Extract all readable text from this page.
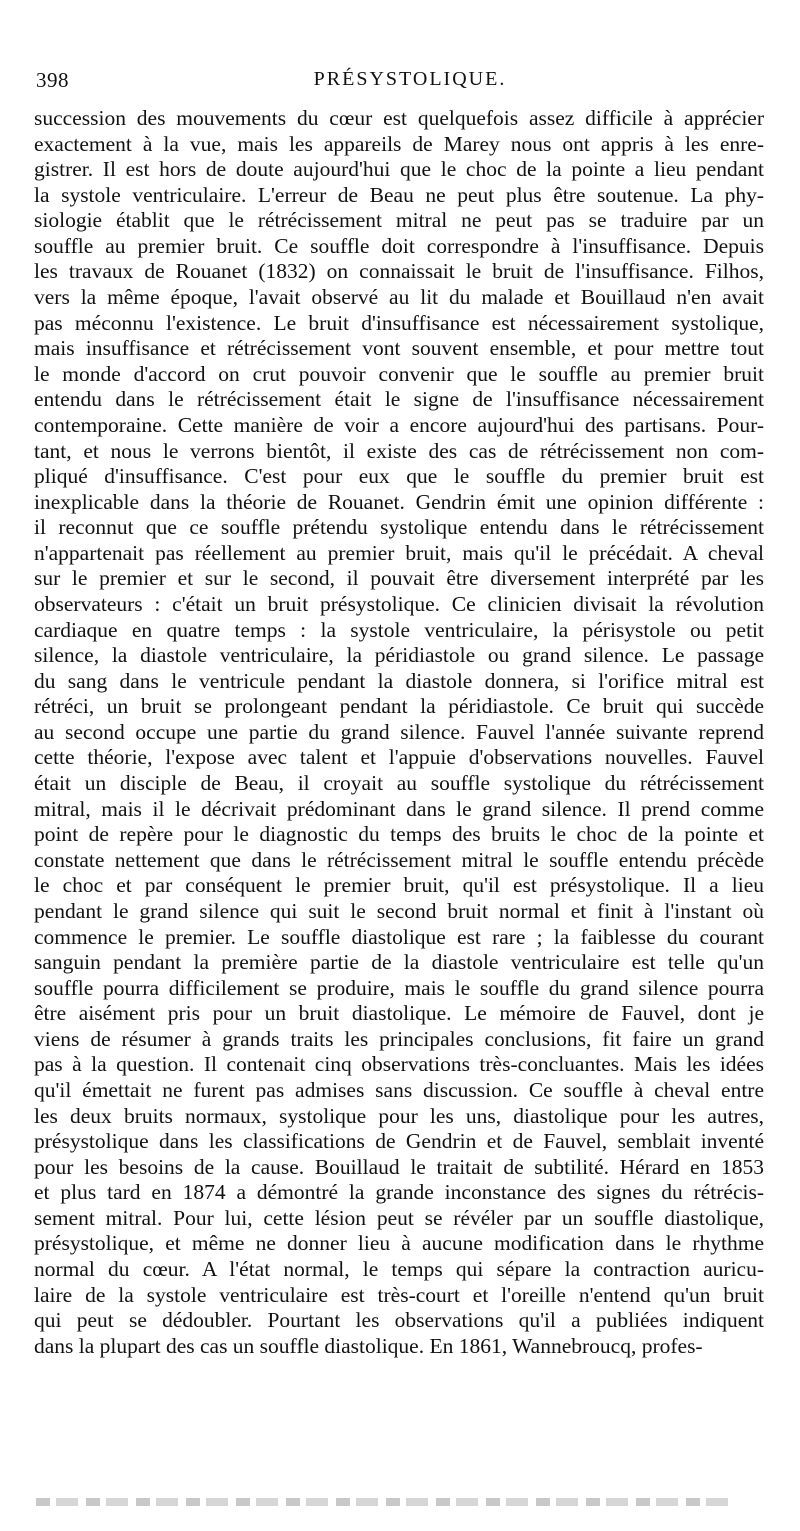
398	PRÉSYSTOLIQUE.
succession des mouvements du cœur est quelquefois assez difficile à apprécier
exactement à la vue, mais les appareils de Marey nous ont appris à les enre-
gistrer. Il est hors de doute aujourd'hui que le choc de la pointe a lieu pendant
la systole ventriculaire. L'erreur de Beau ne peut plus être soutenue. La phy-
siologie établit que le rétrécissement mitral ne peut pas se traduire par un
souffle au premier bruit. Ce souffle doit correspondre à l'insuffisance. Depuis
les travaux de Rouanet (1832) on connaissait le bruit de l'insuffisance. Filhos,
vers la même époque, l'avait observé au lit du malade et Bouillaud n'en avait
pas méconnu l'existence. Le bruit d'insuffisance est nécessairement systolique,
mais insuffisance et rétrécissement vont souvent ensemble, et pour mettre tout
le monde d'accord on crut pouvoir convenir que le souffle au premier bruit
entendu dans le rétrécissement était le signe de l'insuffisance nécessairement
contemporaine. Cette manière de voir a encore aujourd'hui des partisans. Pour-
tant, et nous le verrons bientôt, il existe des cas de rétrécissement non com-
pliqué d'insuffisance. C'est pour eux que le souffle du premier bruit est
inexplicable dans la théorie de Rouanet. Gendrin émit une opinion différente :
il reconnut que ce souffle prétendu systolique entendu dans le rétrécissement
n'appartenait pas réellement au premier bruit, mais qu'il le précédait. A cheval
sur le premier et sur le second, il pouvait être diversement interprété par les
observateurs : c'était un bruit présystolique. Ce clinicien divisait la révolution
cardiaque en quatre temps : la systole ventriculaire, la périsystole ou petit
silence, la diastole ventriculaire, la péridiastole ou grand silence. Le passage
du sang dans le ventricule pendant la diastole donnera, si l'orifice mitral est
rétréci, un bruit se prolongeant pendant la péridiastole. Ce bruit qui succède
au second occupe une partie du grand silence. Fauvel l'année suivante reprend
cette théorie, l'expose avec talent et l'appuie d'observations nouvelles. Fauvel
était un disciple de Beau, il croyait au souffle systolique du rétrécissement
mitral, mais il le décrivait prédominant dans le grand silence. Il prend comme
point de repère pour le diagnostic du temps des bruits le choc de la pointe et
constate nettement que dans le rétrécissement mitral le souffle entendu précède
le choc et par conséquent le premier bruit, qu'il est présystolique. Il a lieu
pendant le grand silence qui suit le second bruit normal et finit à l'instant où
commence le premier. Le souffle diastolique est rare ; la faiblesse du courant
sanguin pendant la première partie de la diastole ventriculaire est telle qu'un
souffle pourra difficilement se produire, mais le souffle du grand silence pourra
être aisément pris pour un bruit diastolique. Le mémoire de Fauvel, dont je
viens de résumer à grands traits les principales conclusions, fit faire un grand
pas à la question. Il contenait cinq observations très-concluantes. Mais les idées
qu'il émettait ne furent pas admises sans discussion. Ce souffle à cheval entre
les deux bruits normaux, systolique pour les uns, diastolique pour les autres,
présystolique dans les classifications de Gendrin et de Fauvel, semblait inventé
pour les besoins de la cause. Bouillaud le traitait de subtilité. Hérard en 1853
et plus tard en 1874 a démontré la grande inconstance des signes du rétrécis-
sement mitral. Pour lui, cette lésion peut se révéler par un souffle diastolique,
présystolique, et même ne donner lieu à aucune modification dans le rhythme
normal du cœur. A l'état normal, le temps qui sépare la contraction auricu-
laire de la systole ventriculaire est très-court et l'oreille n'entend qu'un bruit
qui peut se dédoubler. Pourtant les observations qu'il a publiées indiquent
dans la plupart des cas un souffle diastolique. En 1861, Wannebroucq, profes-
